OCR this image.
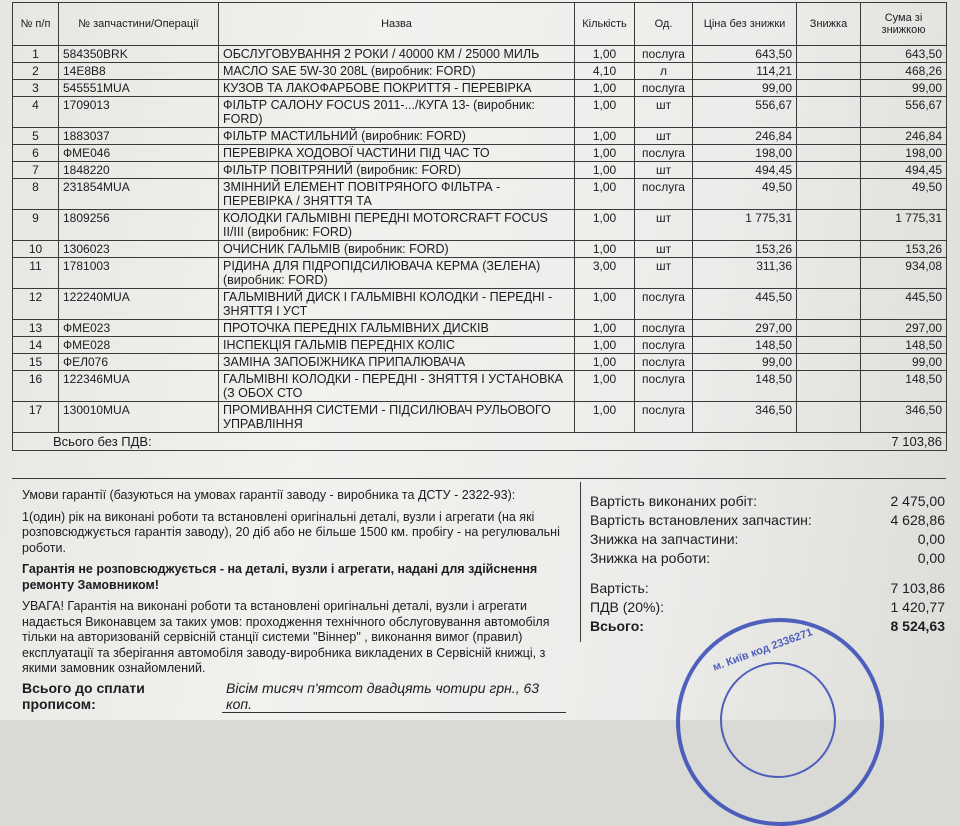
№ п/п	№ запчастини/Операції	Назва	Кількість	Од.	Ціна без знижки	Знижка	Сума зі знижкою
1	584350BRK	ОБСЛУГОВУВАННЯ 2 РОКИ / 40000 КМ / 25000 МИЛЬ	1,00	послуга	643,50		643,50
2	14E8B8	МАСЛО SAE 5W-30 208L (виробник: FORD)	4,10	л	114,21		468,26
3	545551MUA	КУЗОВ ТА ЛАКОФАРБОВЕ ПОКРИТТЯ - ПЕРЕВІРКА	1,00	послуга	99,00		99,00
4	1709013	ФІЛЬТР САЛОНУ FOCUS 2011-.../КУГА 13- (виробник: FORD)	1,00	шт	556,67		556,67
5	1883037	ФІЛЬТР МАСТИЛЬНИЙ (виробник: FORD)	1,00	шт	246,84		246,84
6	ФМЕ046	ПЕРЕВІРКА ХОДОВОЇ ЧАСТИНИ ПІД ЧАС ТО	1,00	послуга	198,00		198,00
7	1848220	ФІЛЬТР ПОВІТРЯНИЙ (виробник: FORD)	1,00	шт	494,45		494,45
8	231854MUA	ЗМІННИЙ ЕЛЕМЕНТ ПОВІТРЯНОГО ФІЛЬТРА - ПЕРЕВІРКА / ЗНЯТТЯ ТА	1,00	послуга	49,50		49,50
9	1809256	КОЛОДКИ ГАЛЬМІВНІ ПЕРЕДНІ MOTORCRAFT FOCUS II/III (виробник: FORD)	1,00	шт	1 775,31		1 775,31
10	1306023	ОЧИСНИК ГАЛЬМІВ (виробник: FORD)	1,00	шт	153,26		153,26
11	1781003	РІДИНА ДЛЯ ПІДРОПІДСИЛЮВАЧА КЕРМА (ЗЕЛЕНА) (виробник: FORD)	3,00	шт	311,36		934,08
12	122240MUA	ГАЛЬМІВНИЙ ДИСК І ГАЛЬМІВНІ КОЛОДКИ - ПЕРЕДНІ - ЗНЯТТЯ І УСТ	1,00	послуга	445,50		445,50
13	ФМЕ023	ПРОТОЧКА ПЕРЕДНІХ ГАЛЬМІВНИХ ДИСКІВ	1,00	послуга	297,00		297,00
14	ФМЕ028	ІНСПЕКЦІЯ ГАЛЬМІВ ПЕРЕДНІХ КОЛІС	1,00	послуга	148,50		148,50
15	ФЕЛ076	ЗАМІНА ЗАПОБІЖНИКА ПРИПАЛЮВАЧА	1,00	послуга	99,00		99,00
16	122346MUA	ГАЛЬМІВНІ КОЛОДКИ - ПЕРЕДНІ - ЗНЯТТЯ І УСТАНОВКА (З ОБОХ СТО	1,00	послуга	148,50		148,50
17	130010MUA	ПРОМИВАННЯ СИСТЕМИ - ПІДСИЛЮВАЧ РУЛЬОВОГО УПРАВЛІННЯ	1,00	послуга	346,50		346,50
Всього без ПДВ:							7 103,86

Умови гарантії (базуються на умовах гарантії заводу - виробника та ДСТУ - 2322-93):

1(один) рік на виконані роботи та встановлені оригінальні деталі, вузли і агрегати (на які розповсюджується гарантія заводу), 20 діб або не більше 1500 км. пробігу - на регулювальні роботи.

Гарантія не розповсюджується - на деталі, вузли і агрегати, надані для здійснення ремонту Замовником!

УВАГА! Гарантія на виконані роботи та встановлені оригінальні деталі, вузли і агрегати надається Виконавцем за таких умов: проходження технічного обслуговування автомобіля тільки на авторизованій сервісній станції системи "Віннер" , виконання вимог (правил) експлуатації та зберігання автомобіля заводу-виробника викладених в Сервісній книжці, з якими замовник ознайомлений.

Вартість виконаних робіт:	2 475,00
Вартість встановлених запчастин:	4 628,86
Знижка на запчастини:	0,00
Знижка на роботи:	0,00
Вартість:	7 103,86
ПДВ (20%):	1 420,77
Всього:	8 524,63
м. Київ код 2336271
Всього до сплати прописом:
Вісім тисяч п'ятсот двадцять чотири грн., 63 коп.
